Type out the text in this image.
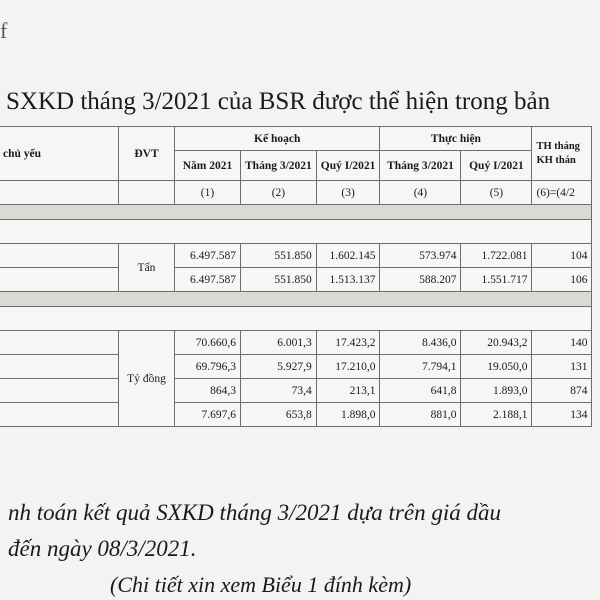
f
SXKD tháng 3/2021 của BSR được thể hiện trong bản
chủ yếu	ĐVT	Kế hoạch			Thực hiện		TH tháng
KH thán

		Năm 2021	Tháng 3/2021	Quý I/2021	Tháng 3/2021	Quý I/2021	
		(1)	(2)	(3)	(4)	(5)	(6)=(4/2

	Tấn	6.497.587	551.850	1.602.145	573.974	1.722.081	104
		6.497.587	551.850	1.513.137	588.207	1.551.717	106

	Tỷ đồng	70.660,6	6.001,3	17.423,2	8.436,0	20.943,2	140
		69.796,3	5.927,9	17.210,0	7.794,1	19.050,0	131
		864,3	73,4	213,1	641,8	1.893,0	874
		7.697,6	653,8	1.898,0	881,0	2.188,1	134
nh toán kết quả SXKD tháng 3/2021 dựa trên giá dầu
đến ngày 08/3/2021.
(Chi tiết xin xem Biểu 1 đính kèm)
